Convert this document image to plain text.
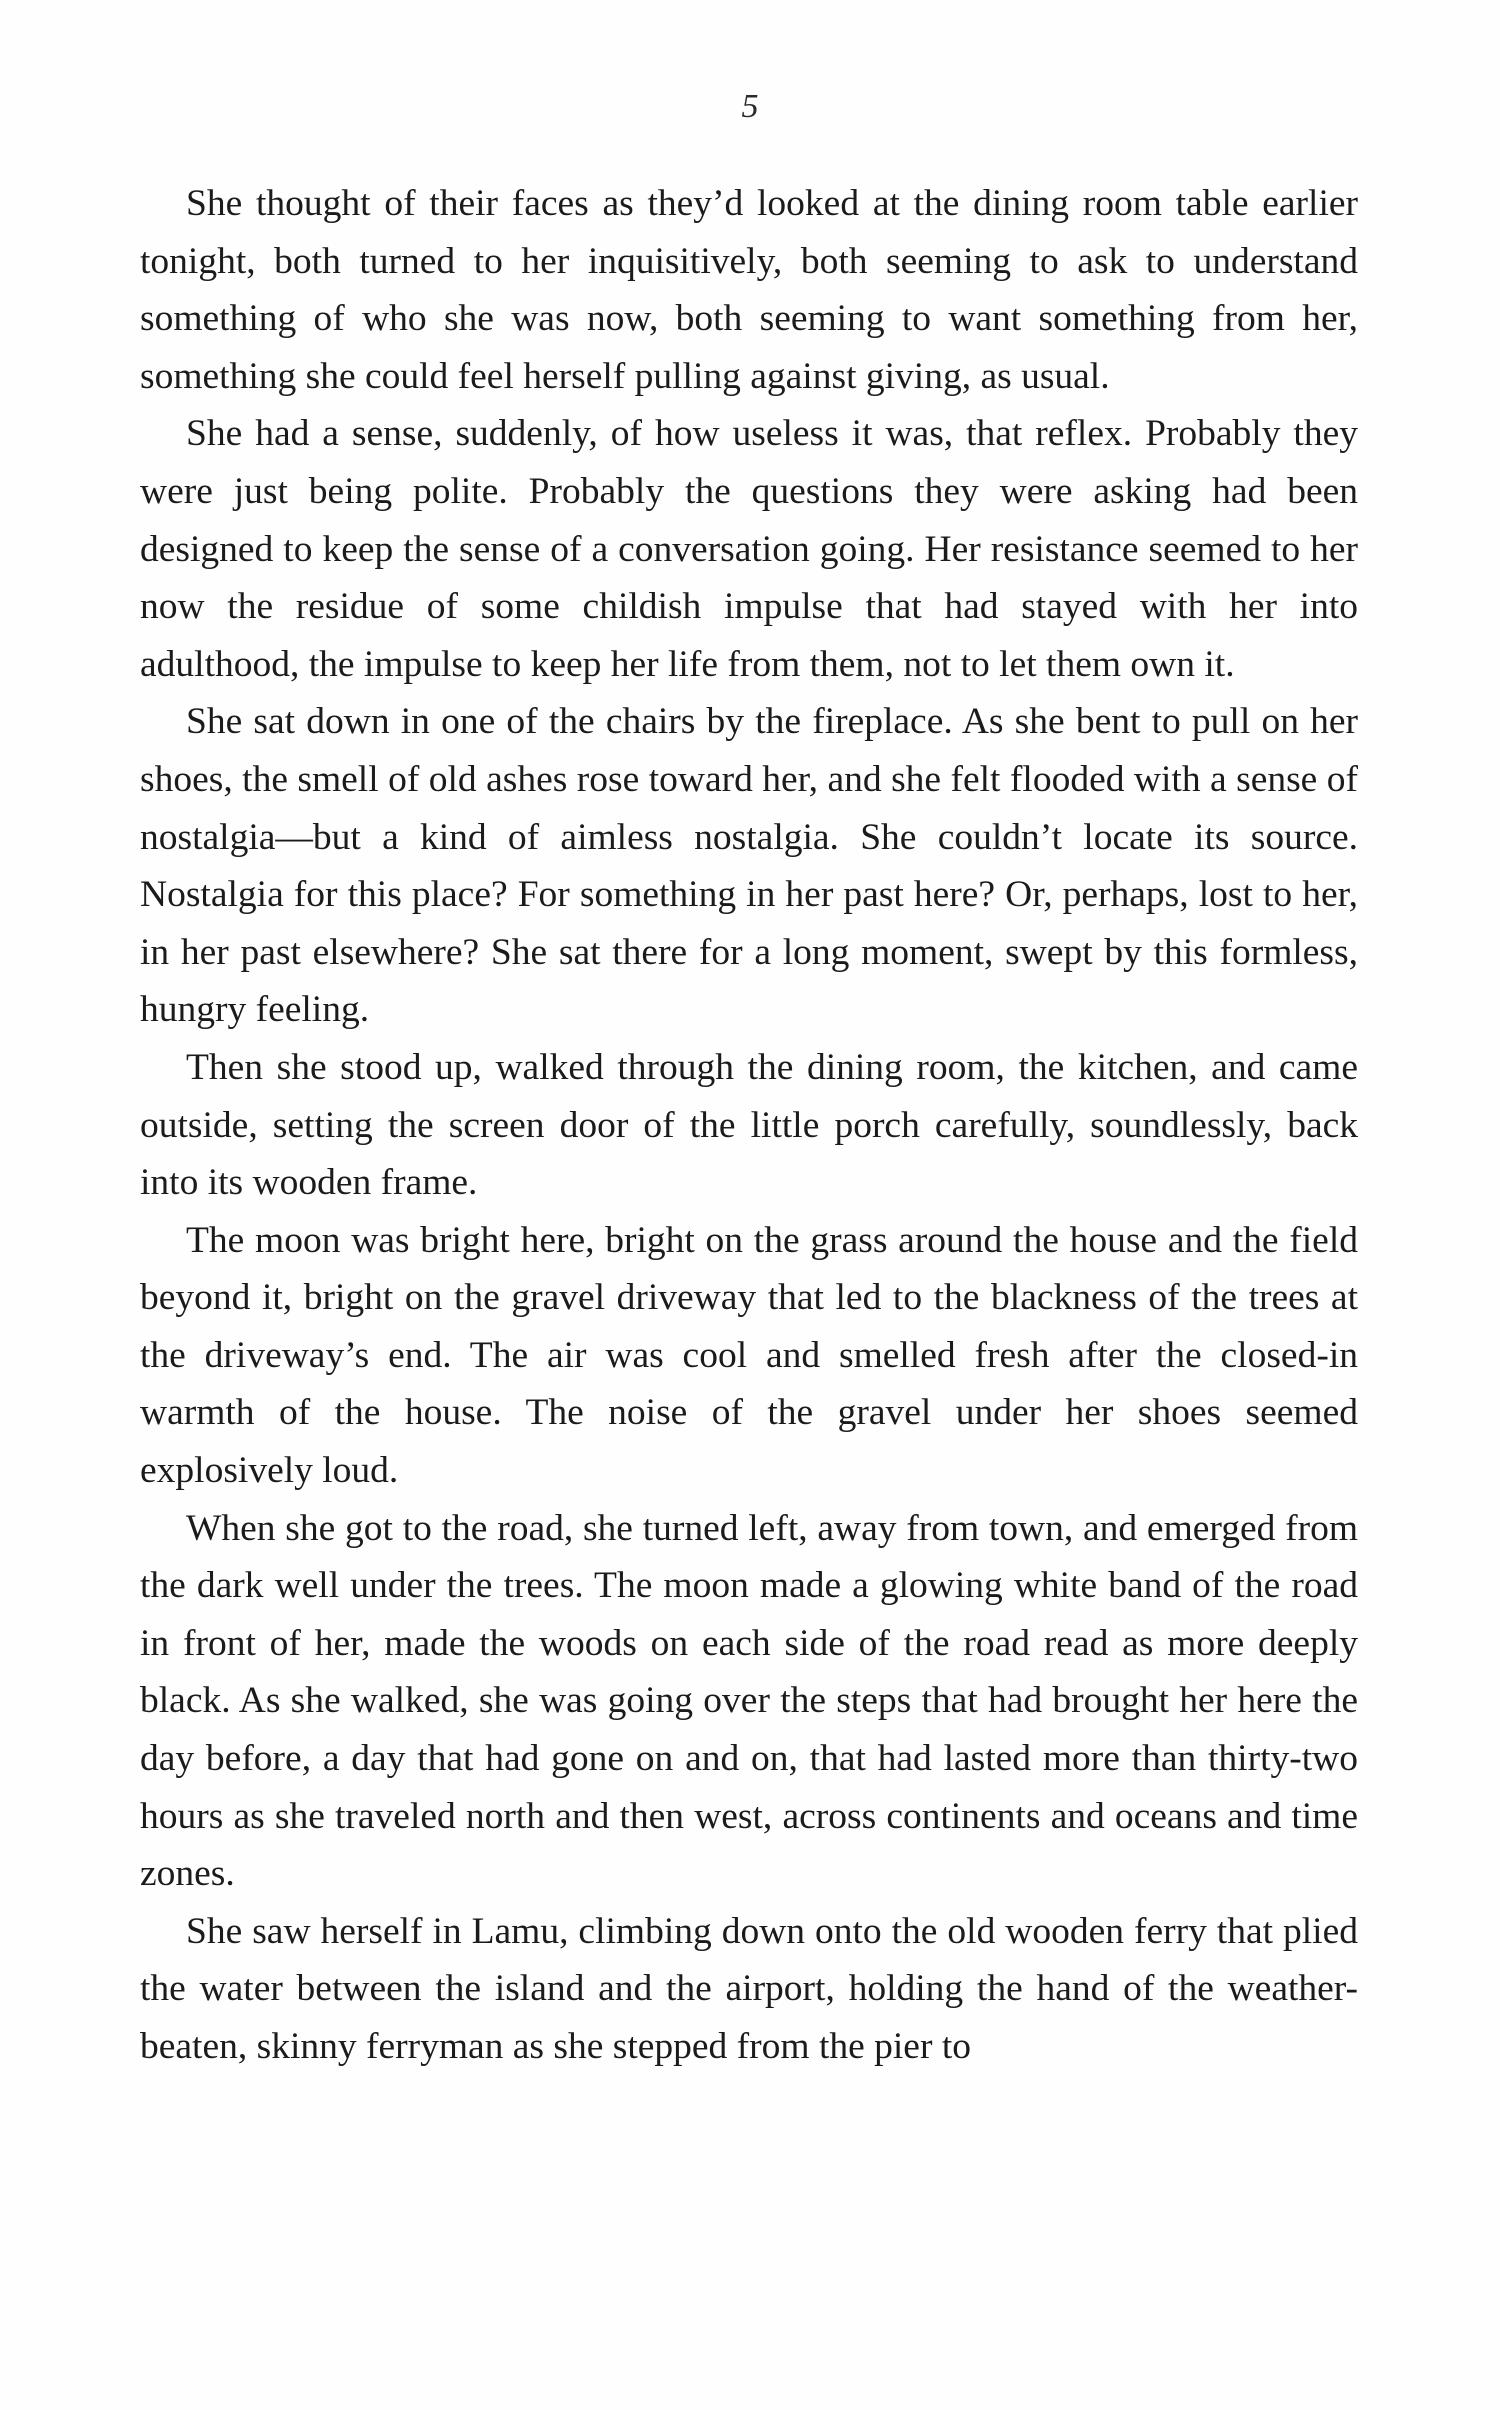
5

She thought of their faces as they’d looked at the dining room table earlier tonight, both turned to her inquisitively, both seeming to ask to understand something of who she was now, both seeming to want something from her, something she could feel herself pulling against giving, as usual.

She had a sense, suddenly, of how useless it was, that reflex. Probably they were just being polite. Probably the questions they were asking had been designed to keep the sense of a conversation going. Her resistance seemed to her now the residue of some childish impulse that had stayed with her into adulthood, the impulse to keep her life from them, not to let them own it.

She sat down in one of the chairs by the fireplace. As she bent to pull on her shoes, the smell of old ashes rose toward her, and she felt flooded with a sense of nostalgia—but a kind of aimless nostalgia. She couldn’t locate its source. Nostalgia for this place? For something in her past here? Or, perhaps, lost to her, in her past elsewhere? She sat there for a long moment, swept by this formless, hungry feeling.

Then she stood up, walked through the dining room, the kitchen, and came outside, setting the screen door of the little porch carefully, soundlessly, back into its wooden frame.

The moon was bright here, bright on the grass around the house and the field beyond it, bright on the gravel driveway that led to the blackness of the trees at the driveway’s end. The air was cool and smelled fresh after the closed-in warmth of the house. The noise of the gravel under her shoes seemed explosively loud.

When she got to the road, she turned left, away from town, and emerged from the dark well under the trees. The moon made a glowing white band of the road in front of her, made the woods on each side of the road read as more deeply black. As she walked, she was going over the steps that had brought her here the day before, a day that had gone on and on, that had lasted more than thirty-two hours as she traveled north and then west, across continents and oceans and time zones.

She saw herself in Lamu, climbing down onto the old wooden ferry that plied the water between the island and the airport, holding the hand of the weather-beaten, skinny ferryman as she stepped from the pier to
